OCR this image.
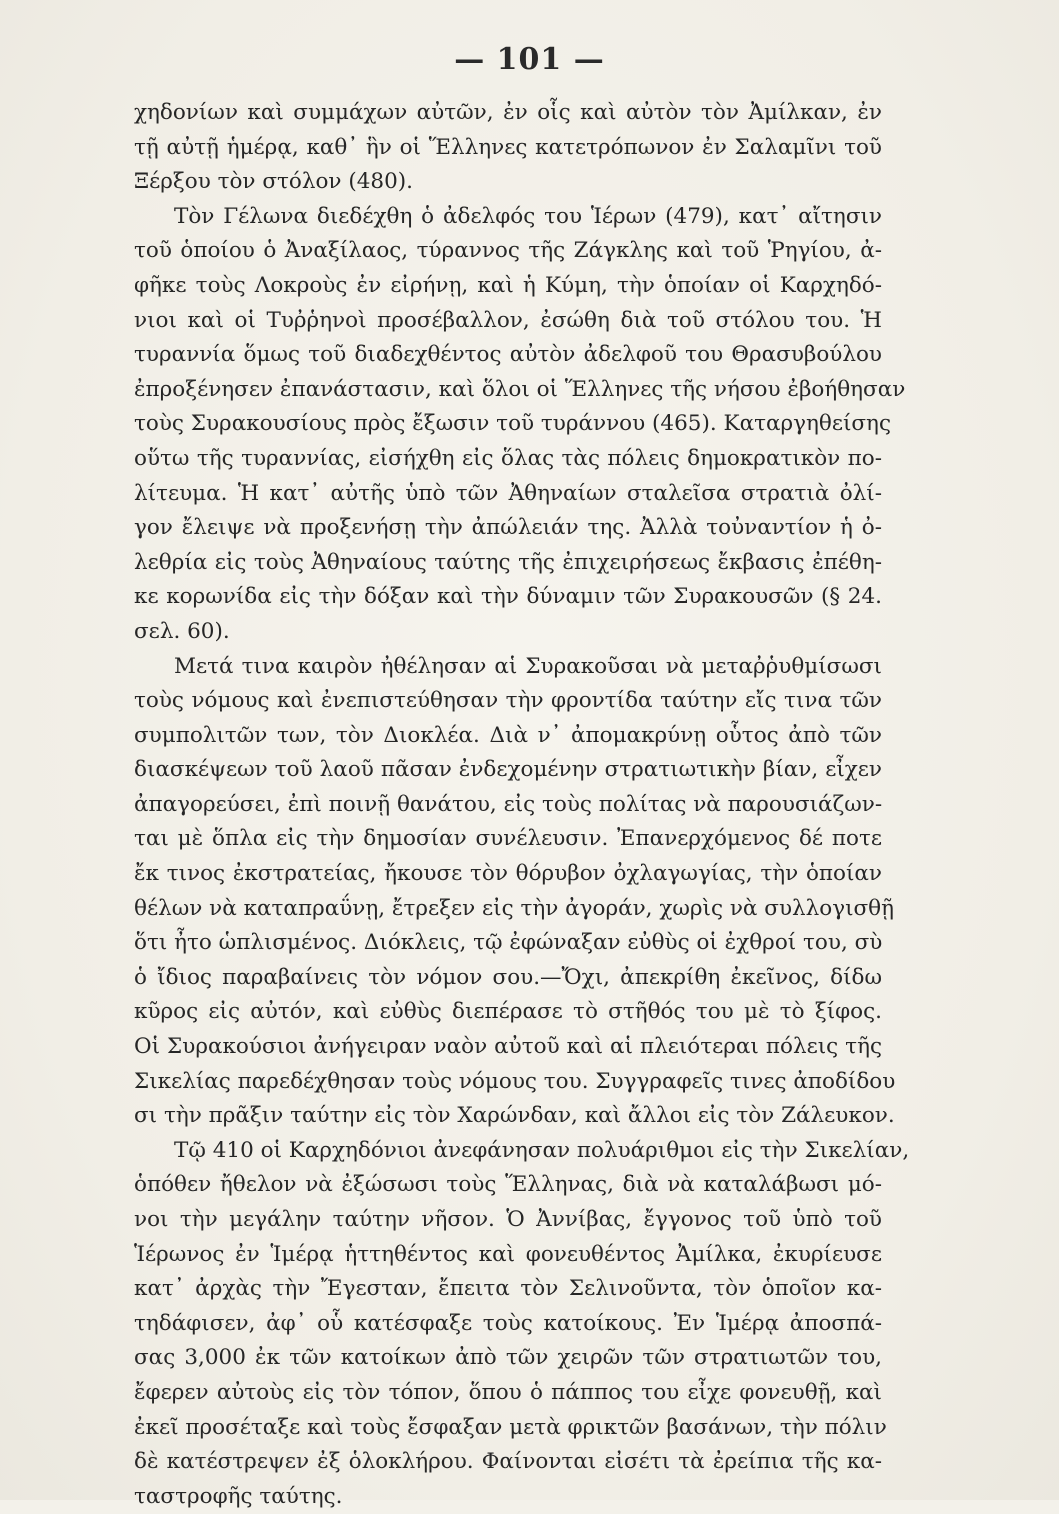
— 101 —
χηδονίων καὶ συμμάχων αὐτῶν, ἐν οἷς καὶ αὐτὸν τὸν Ἀμίλκαν, ἐν
τῇ αὐτῇ ἡμέρᾳ, καθ᾿ ἣν οἱ Ἕλληνες κατετρόπωνον ἐν Σαλαμῖνι τοῦ
Ξέρξου τὸν στόλον (480).
Τὸν Γέλωνα διεδέχθη ὁ ἀδελφός του Ἱέρων (479), κατ᾿ αἴτησιν
τοῦ ὁποίου ὁ Ἀναξίλαος, τύραννος τῆς Ζάγκλης καὶ τοῦ Ῥηγίου, ἀ-
φῆκε τοὺς Λοκροὺς ἐν εἰρήνῃ, καὶ ἡ Κύμη, τὴν ὁποίαν οἱ Καρχηδό-
νιοι καὶ οἱ Τυῤῥηνοὶ προσέβαλλον, ἐσώθη διὰ τοῦ στόλου του. Ἡ
τυραννία ὅμως τοῦ διαδεχθέντος αὐτὸν ἀδελφοῦ του Θρασυβούλου
ἐπροξένησεν ἐπανάστασιν, καὶ ὅλοι οἱ Ἕλληνες τῆς νήσου ἐβοήθησαν
τοὺς Συρακουσίους πρὸς ἔξωσιν τοῦ τυράννου (465). Καταργηθείσης
οὕτω τῆς τυραννίας, εἰσήχθη εἰς ὅλας τὰς πόλεις δημοκρατικὸν πο-
λίτευμα. Ἡ κατ᾿ αὐτῆς ὑπὸ τῶν Ἀθηναίων σταλεῖσα στρατιὰ ὀλί-
γον ἔλειψε νὰ προξενήσῃ τὴν ἀπώλειάν της. Ἀλλὰ τοὐναντίον ἡ ὀ-
λεθρία εἰς τοὺς Ἀθηναίους ταύτης τῆς ἐπιχειρήσεως ἔκβασις ἐπέθη-
κε κορωνίδα εἰς τὴν δόξαν καὶ τὴν δύναμιν τῶν Συρακουσῶν (§ 24.
σελ. 60).
Μετά τινα καιρὸν ἠθέλησαν αἱ Συρακοῦσαι νὰ μεταῤῥυθμίσωσι
τοὺς νόμους καὶ ἐνεπιστεύθησαν τὴν φροντίδα ταύτην εἴς τινα τῶν
συμπολιτῶν των, τὸν Διοκλέα. Διὰ ν᾿ ἀπομακρύνῃ οὗτος ἀπὸ τῶν
διασκέψεων τοῦ λαοῦ πᾶσαν ἐνδεχομένην στρατιωτικὴν βίαν, εἶχεν
ἀπαγορεύσει, ἐπὶ ποινῇ θανάτου, εἰς τοὺς πολίτας νὰ παρουσιάζων-
ται μὲ ὅπλα εἰς τὴν δημοσίαν συνέλευσιν. Ἐπανερχόμενος δέ ποτε
ἔκ τινος ἐκστρατείας, ἤκουσε τὸν θόρυβον ὀχλαγωγίας, τὴν ὁποίαν
θέλων νὰ καταπραΰνῃ, ἔτρεξεν εἰς τὴν ἀγοράν, χωρὶς νὰ συλλογισθῇ
ὅτι ἦτο ὡπλισμένος. Διόκλεις, τῷ ἐφώναξαν εὐθὺς οἱ ἐχθροί του, σὺ
ὁ ἴδιος παραβαίνεις τὸν νόμον σου.—Ὄχι, ἀπεκρίθη ἐκεῖνος, δίδω
κῦρος εἰς αὐτόν, καὶ εὐθὺς διεπέρασε τὸ στῆθός του μὲ τὸ ξίφος.
Οἱ Συρακούσιοι ἀνήγειραν ναὸν αὐτοῦ καὶ αἱ πλειότεραι πόλεις τῆς
Σικελίας παρεδέχθησαν τοὺς νόμους του. Συγγραφεῖς τινες ἀποδίδου
σι τὴν πρᾶξιν ταύτην εἰς τὸν Χαρώνδαν, καὶ ἄλλοι εἰς τὸν Ζάλευκον.
Τῷ 410 οἱ Καρχηδόνιοι ἀνεφάνησαν πολυάριθμοι εἰς τὴν Σικελίαν,
ὁπόθεν ἤθελον νὰ ἐξώσωσι τοὺς Ἕλληνας, διὰ νὰ καταλάβωσι μό-
νοι τὴν μεγάλην ταύτην νῆσον. Ὁ Ἀννίβας, ἔγγονος τοῦ ὑπὸ τοῦ
Ἱέρωνος ἐν Ἱμέρᾳ ἡττηθέντος καὶ φονευθέντος Ἀμίλκα, ἐκυρίευσε
κατ᾿ ἀρχὰς τὴν Ἔγεσταν, ἔπειτα τὸν Σελινοῦντα, τὸν ὁποῖον κα-
τηδάφισεν, ἀφ᾿ οὗ κατέσφαξε τοὺς κατοίκους. Ἐν Ἱμέρᾳ ἀποσπά-
σας 3,000 ἐκ τῶν κατοίκων ἀπὸ τῶν χειρῶν τῶν στρατιωτῶν του,
ἔφερεν αὐτοὺς εἰς τὸν τόπον, ὅπου ὁ πάππος του εἶχε φονευθῇ, καὶ
ἐκεῖ προσέταξε καὶ τοὺς ἔσφαξαν μετὰ φρικτῶν βασάνων, τὴν πόλιν
δὲ κατέστρεψεν ἐξ ὁλοκλήρου. Φαίνονται εἰσέτι τὰ ἐρείπια τῆς κα-
ταστροφῆς ταύτης.
